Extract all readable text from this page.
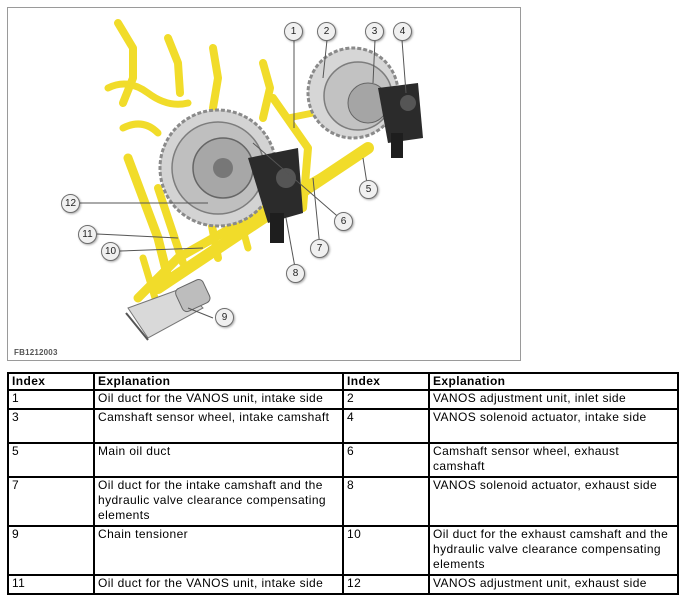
1	2	3	4
5
6
7
8
9
10
11
12
FB1212003
Index	Explanation	Index	Explanation
1	Oil duct for the VANOS unit, intake side	2	VANOS adjustment unit, inlet side
3	Camshaft sensor wheel, intake camshaft	4	VANOS solenoid actuator, intake side
5	Main oil duct	6	Camshaft sensor wheel, exhaust camshaft
7	Oil duct for the intake camshaft and the hydraulic valve clearance compensating elements	8	VANOS solenoid actuator, exhaust side
9	Chain tensioner	10	Oil duct for the exhaust camshaft and the hydraulic valve clearance compensating elements
11	Oil duct for the VANOS unit, intake side	12	VANOS adjustment unit, exhaust side
